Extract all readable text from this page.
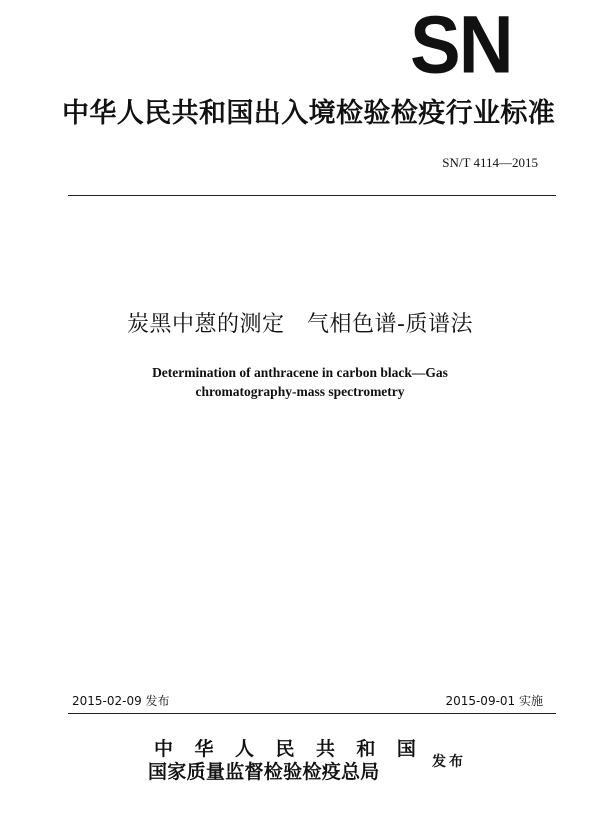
SN
中华人民共和国出入境检验检疫行业标准
SN/T 4114—2015
炭黑中蒽的测定   气相色谱-质谱法
Determination of anthracene in carbon black—Gas chromatography-mass spectrometry
2015-02-09 发布	2015-09-01 实施
中 华 人 民 共 和 国
国家质量监督检验检疫总局	发布
